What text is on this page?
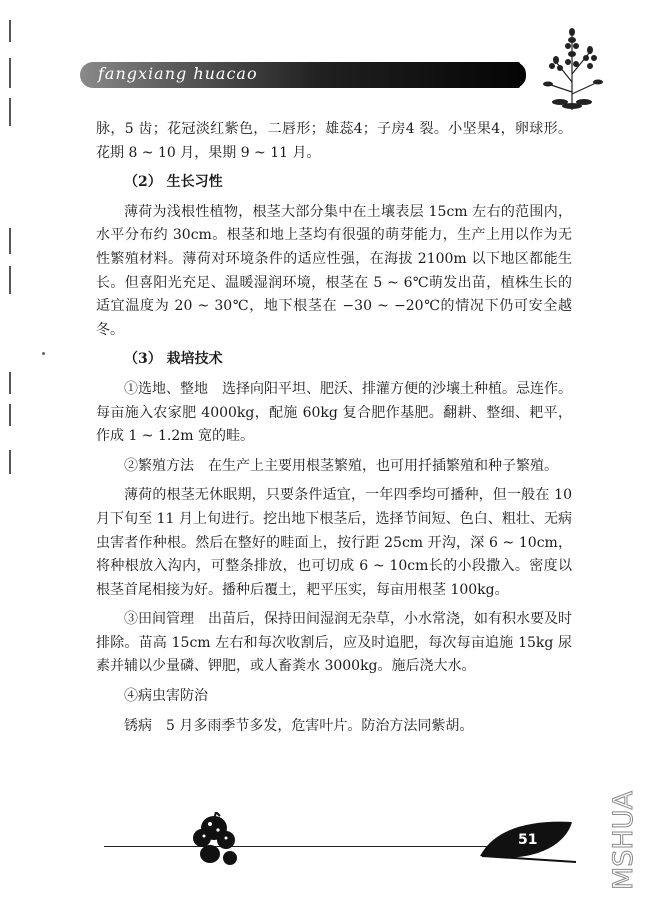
fangxiang huacao

脉，5 齿；花冠淡红紫色，二唇形；雄蕊4；子房4 裂。小坚果4，卵球形。花期 8 ~ 10 月，果期 9 ~ 11 月。

（2） 生长习性

薄荷为浅根性植物，根茎大部分集中在土壤表层 15cm 左右的范围内，水平分布约 30cm。根茎和地上茎均有很强的萌芽能力，生产上用以作为无性繁殖材料。薄荷对环境条件的适应性强，在海拔 2100m 以下地区都能生长。但喜阳光充足、温暖湿润环境，根茎在 5 ~ 6℃萌发出苗，植株生长的适宜温度为 20 ~ 30℃，地下根茎在 −30 ~ −20℃的情况下仍可安全越冬。

（3） 栽培技术

①选地、整地　选择向阳平坦、肥沃、排灌方便的沙壤土种植。忌连作。每亩施入农家肥 4000kg，配施 60kg 复合肥作基肥。翻耕、整细、耙平，作成 1 ~ 1.2m 宽的畦。

②繁殖方法　在生产上主要用根茎繁殖，也可用扦插繁殖和种子繁殖。

薄荷的根茎无休眠期，只要条件适宜，一年四季均可播种，但一般在 10 月下旬至 11 月上旬进行。挖出地下根茎后，选择节间短、色白、粗壮、无病虫害者作种根。然后在整好的畦面上，按行距 25cm 开沟，深 6 ~ 10cm，将种根放入沟内，可整条排放，也可切成 6 ~ 10cm长的小段撒入。密度以根茎首尾相接为好。播种后覆土，耙平压实，每亩用根茎 100kg。

③田间管理　出苗后，保持田间湿润无杂草，小水常浇，如有积水要及时排除。苗高 15cm 左右和每次收割后，应及时追肥，每次每亩追施 15kg 尿素并辅以少量磷、钾肥，或人畜粪水 3000kg。施后浇大水。

④病虫害防治

锈病　5 月多雨季节多发，危害叶片。防治方法同紫胡。

51	MSHUA
